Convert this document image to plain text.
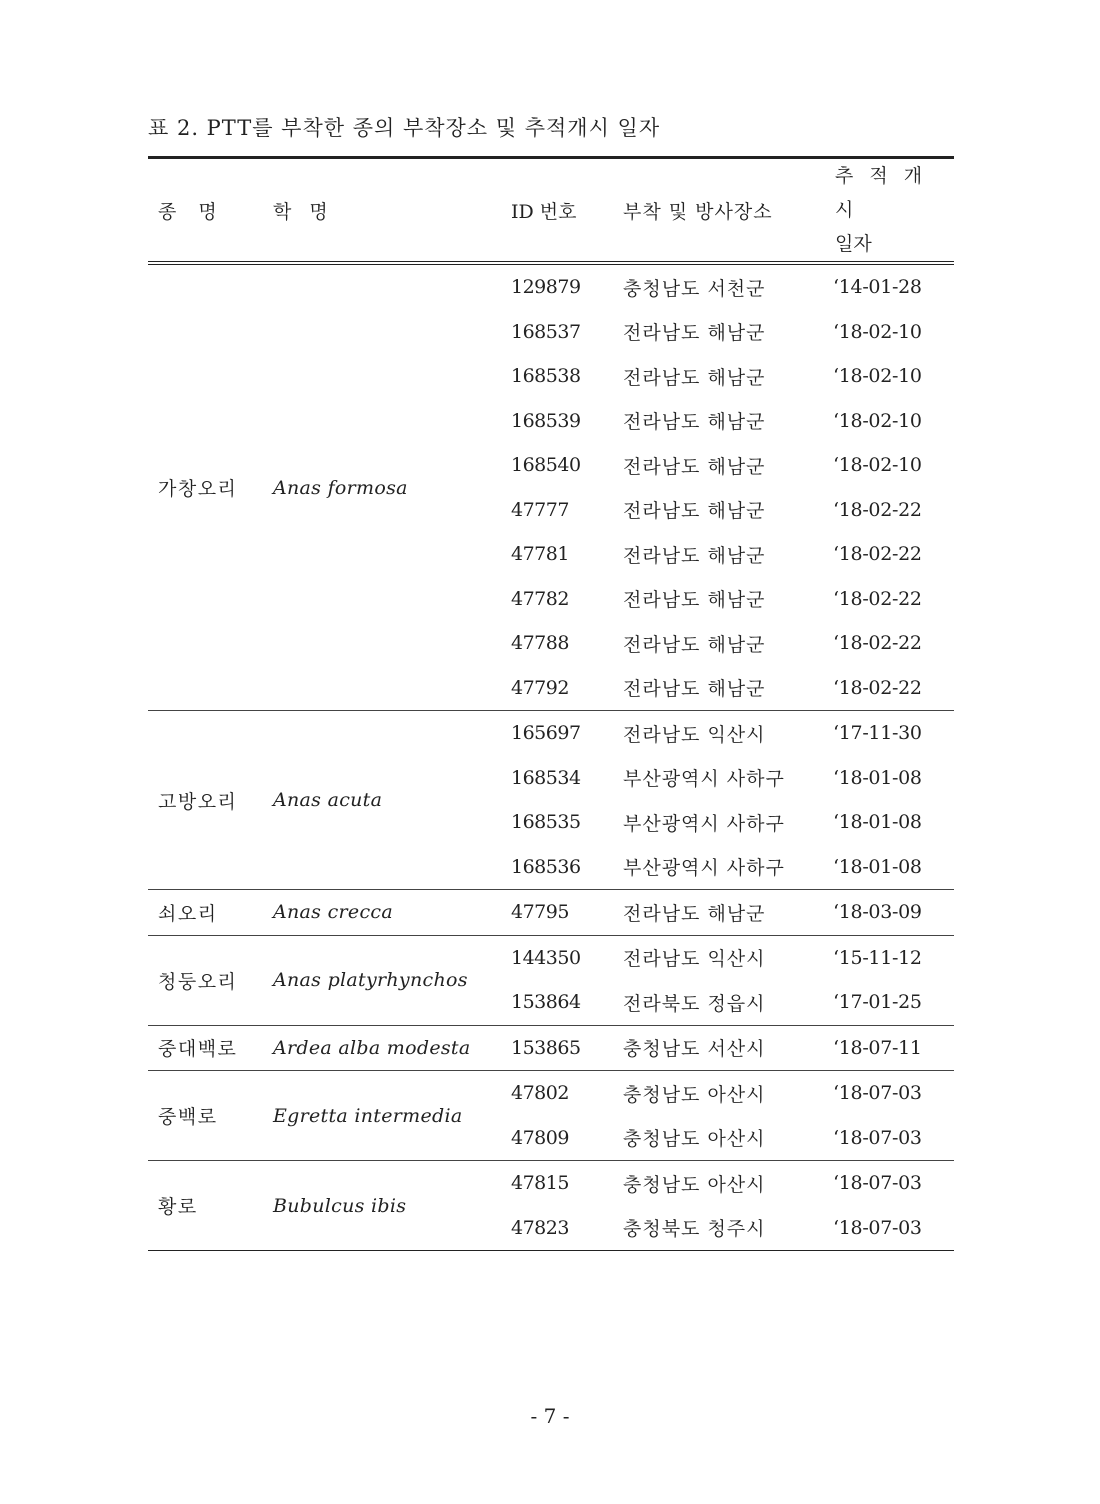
표 2. PTT를 부착한 종의 부착장소 및 추적개시 일자
종 명	학 명	ID 번호	부착 및 방사장소	추 적 개 시
일자

가창오리	Anas formosa	129879	충청남도 서천군	‘14-01-28
		168537	전라남도 해남군	‘18-02-10
		168538	전라남도 해남군	‘18-02-10
		168539	전라남도 해남군	‘18-02-10
		168540	전라남도 해남군	‘18-02-10
		47777	전라남도 해남군	‘18-02-22
		47781	전라남도 해남군	‘18-02-22
		47782	전라남도 해남군	‘18-02-22
		47788	전라남도 해남군	‘18-02-22
		47792	전라남도 해남군	‘18-02-22
고방오리	Anas acuta	165697	전라남도 익산시	‘17-11-30
		168534	부산광역시 사하구	‘18-01-08
		168535	부산광역시 사하구	‘18-01-08
		168536	부산광역시 사하구	‘18-01-08
쇠오리	Anas crecca	47795	전라남도 해남군	‘18-03-09
청둥오리	Anas platyrhynchos	144350	전라남도 익산시	‘15-11-12
		153864	전라북도 정읍시	‘17-01-25
중대백로	Ardea alba modesta	153865	충청남도 서산시	‘18-07-11
중백로	Egretta intermedia	47802	충청남도 아산시	‘18-07-03
		47809	충청남도 아산시	‘18-07-03
황로	Bubulcus ibis	47815	충청남도 아산시	‘18-07-03
		47823	충청북도 청주시	‘18-07-03
- 7 -
